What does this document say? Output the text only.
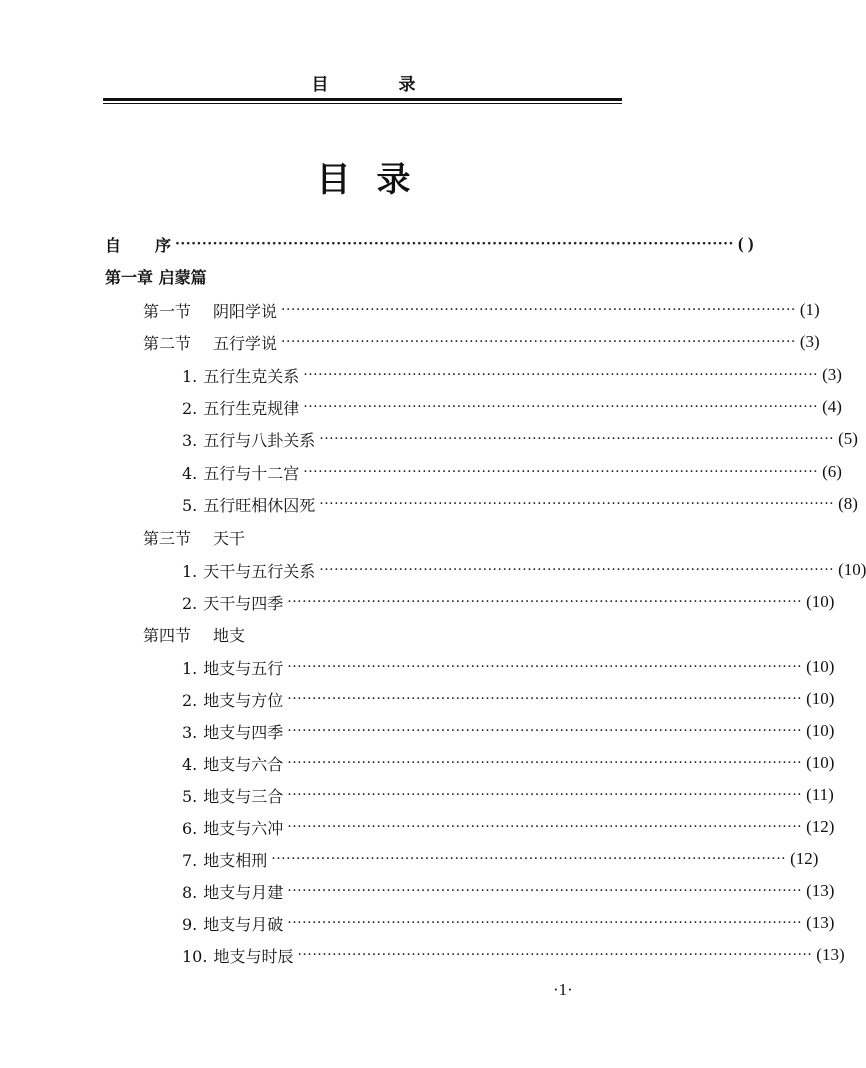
目 录
目录
自 序 ········································································································ ( )
第一章 启蒙篇
第一节 阴阳学说 ········································································································ (1)
第二节 五行学说 ········································································································ (3)
1. 五行生克关系 ········································································································ (3)
2. 五行生克规律 ········································································································ (4)
3. 五行与八卦关系 ········································································································ (5)
4. 五行与十二宫 ········································································································ (6)
5. 五行旺相休囚死 ········································································································ (8)
第三节 天干
1. 天干与五行关系 ········································································································ (10)
2. 天干与四季 ········································································································ (10)
第四节 地支
1. 地支与五行 ········································································································ (10)
2. 地支与方位 ········································································································ (10)
3. 地支与四季 ········································································································ (10)
4. 地支与六合 ········································································································ (10)
5. 地支与三合 ········································································································ (11)
6. 地支与六冲 ········································································································ (12)
7. 地支相刑 ········································································································ (12)
8. 地支与月建 ········································································································ (13)
9. 地支与月破 ········································································································ (13)
10. 地支与时辰 ········································································································ (13)
·1·
